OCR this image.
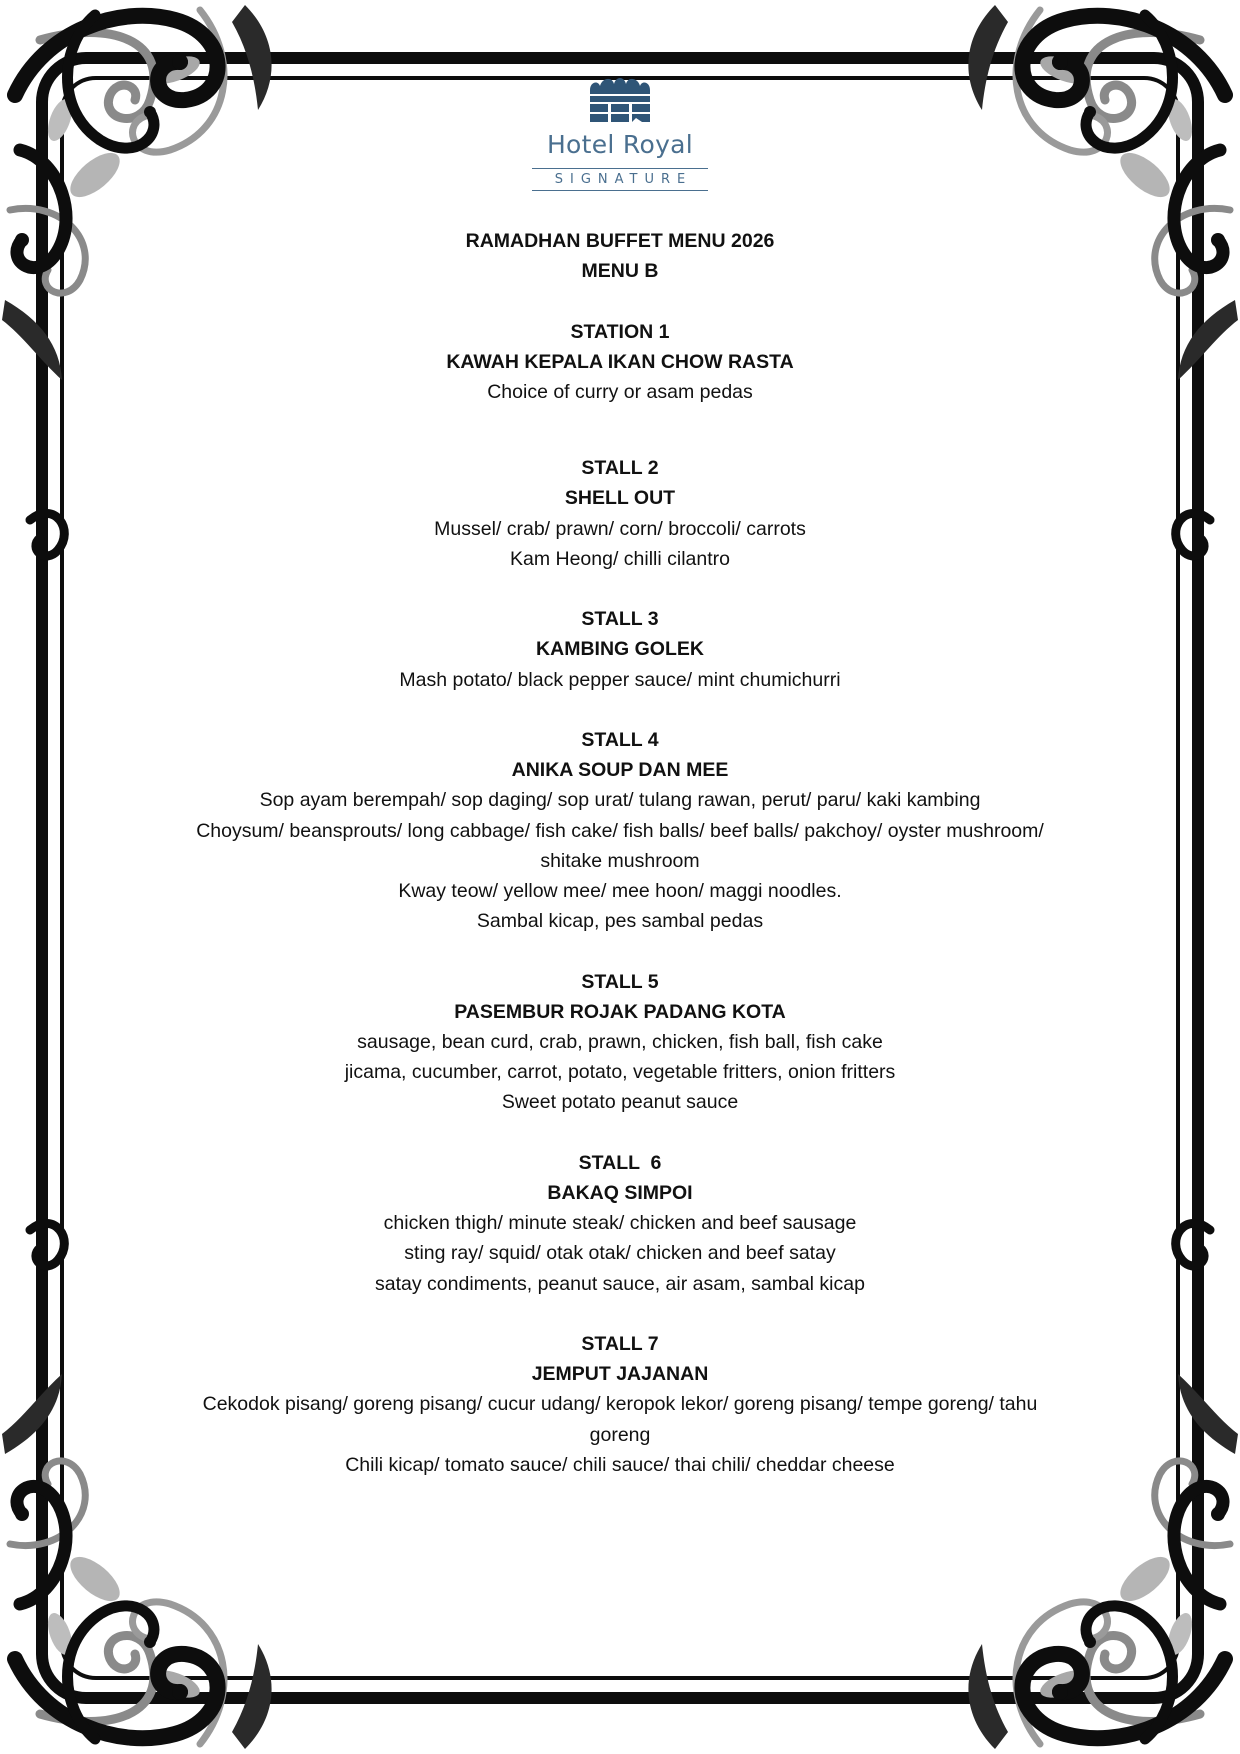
Hotel Royal
SIGNATURE
RAMADHAN BUFFET MENU 2026
MENU B
STATION 1
KAWAH KEPALA IKAN CHOW RASTA
Choice of curry or asam pedas
STALL 2
SHELL OUT
Mussel/ crab/ prawn/ corn/ broccoli/ carrots
Kam Heong/ chilli cilantro
STALL 3
KAMBING GOLEK
Mash potato/ black pepper sauce/ mint chumichurri
STALL 4
ANIKA SOUP DAN MEE
Sop ayam berempah/ sop daging/ sop urat/ tulang rawan, perut/ paru/ kaki kambing
Choysum/ beansprouts/ long cabbage/ fish cake/ fish balls/ beef balls/ pakchoy/ oyster mushroom/
shitake mushroom
Kway teow/ yellow mee/ mee hoon/ maggi noodles.
Sambal kicap, pes sambal pedas
STALL 5
PASEMBUR ROJAK PADANG KOTA
sausage, bean curd, crab, prawn, chicken, fish ball, fish cake
jicama, cucumber, carrot, potato, vegetable fritters, onion fritters
Sweet potato peanut sauce
STALL  6
BAKAQ SIMPOI
chicken thigh/ minute steak/ chicken and beef sausage
sting ray/ squid/ otak otak/ chicken and beef satay
satay condiments, peanut sauce, air asam, sambal kicap
STALL 7
JEMPUT JAJANAN
Cekodok pisang/ goreng pisang/ cucur udang/ keropok lekor/ goreng pisang/ tempe goreng/ tahu
goreng
Chili kicap/ tomato sauce/ chili sauce/ thai chili/ cheddar cheese
